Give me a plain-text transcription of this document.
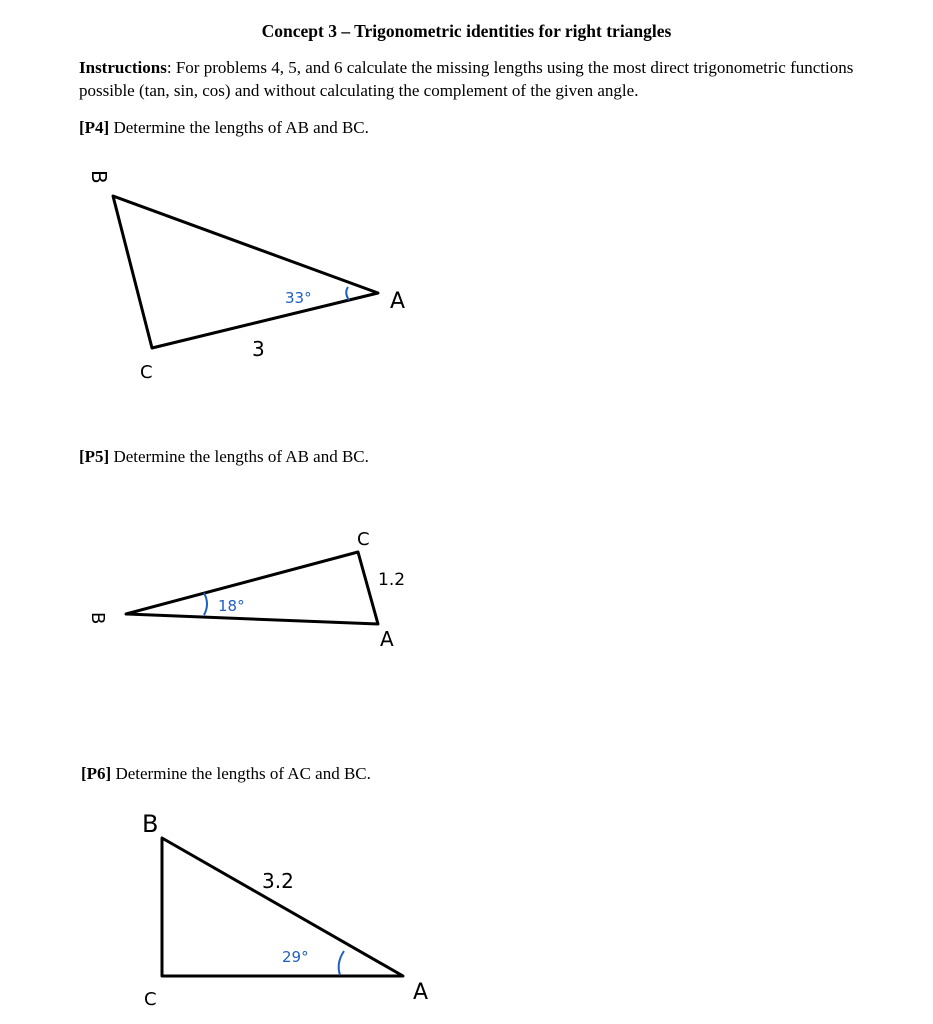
Concept 3 – Trigonometric identities for right triangles
Instructions: For problems 4, 5, and 6 calculate the missing lengths using the most direct trigonometric functions possible (tan, sin, cos) and without calculating the complement of the given angle.
[P4] Determine the lengths of AB and BC.
[P5] Determine the lengths of AB and BC.
[P6] Determine the lengths of AC and BC.
B
A
C
3
33°
B
C
A
1.2
18°
B
C	A
3.2
29°
